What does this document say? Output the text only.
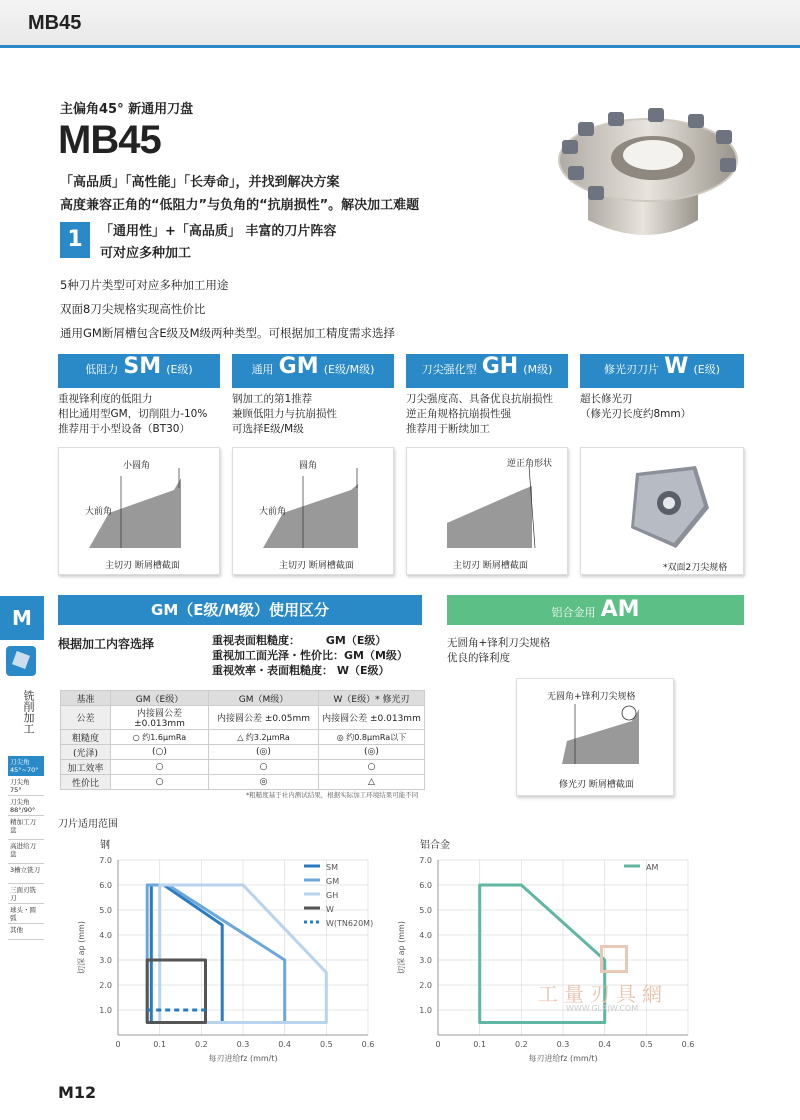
MB45
M
铣削加工
刀尖角 45°~70°
刀尖角 75°
刀尖角 88°/90°
精加工刀盘
高进给刀盘
3槽立铣刀
三面刃铣刀
球头・圆弧
其他
主偏角45° 新通用刀盘
MB45
「高品质」「高性能」「长寿命」，并找到解决方案
高度兼容正角的“低阻力”与负角的“抗崩损性”。解决加工难题
1	「通用性」+「高品质」 丰富的刀片阵容
可对应多种加工
5种刀片类型可对应多种加工用途
双面8刀尖规格实现高性价比
通用GM断屑槽包含E级及M级两种类型。可根据加工精度需求选择
低阻力 SM (E级)	通用 GM (E级/M级)	刀尖强化型 GH (M级)	修光刃刀片 W (E级)
重视锋利度的低阻力
相比通用型GM，切削阻力-10%
推荐用于小型设备（BT30）
钢加工的第1推荐
兼顾低阻力与抗崩损性
可选择E级/M级
刀尖强度高、具备优良抗崩损性
逆正角规格抗崩损性强
推荐用于断续加工
超长修光刃
（修光刃长度约8mm）
小圆角
大前角
主切刃 断屑槽截面
圆角
大前角
主切刃 断屑槽截面
逆正角形状
主切刃 断屑槽截面	*双面2刀尖规格
GM（E级/M级）使用区分
根据加工内容选择	重视表面粗糙度： GM（E级）
重视加工面光泽・性价比：GM（M级）
重视效率・表面粗糙度： W（E级）
基准	GM（E级）	GM（M级）	W（E级）* 修光刃
公差	内接圆公差 ±0.013mm	内接圆公差 ±0.05mm	内接圆公差 ±0.013mm
粗糙度	○ 约1.6μmRa	△ 约3.2μmRa	◎ 约0.8μmRa以下
(光泽)	(○)	(◎)	(◎)
加工效率	○	○	○
性价比	○	◎	△
*粗糙度基于社内测试结果，根据实际加工环境结果可能不同
铝合金用 AM
无圆角+锋利刀尖规格
优良的锋利度
无圆角+锋利刀尖规格
修光刃 断屑槽截面
刀片适用范围
钢	铝合金
0	0.1	0.2	0.3	0.4	0.5	0.6
1.0
2.0
3.0
4.0
5.0
6.0
7.0
每刃进给fz (mm/t)
切深 ap (mm)
SM
GM
GH
W
W(TN620M)
0	0.1	0.2	0.3	0.4	0.5	0.6
1.0
2.0
3.0
4.0
5.0
6.0
7.0
每刃进给fz (mm/t)
切深 ap (mm)
AM
工量刃具網
WWW.GLRJW.COM
M12
